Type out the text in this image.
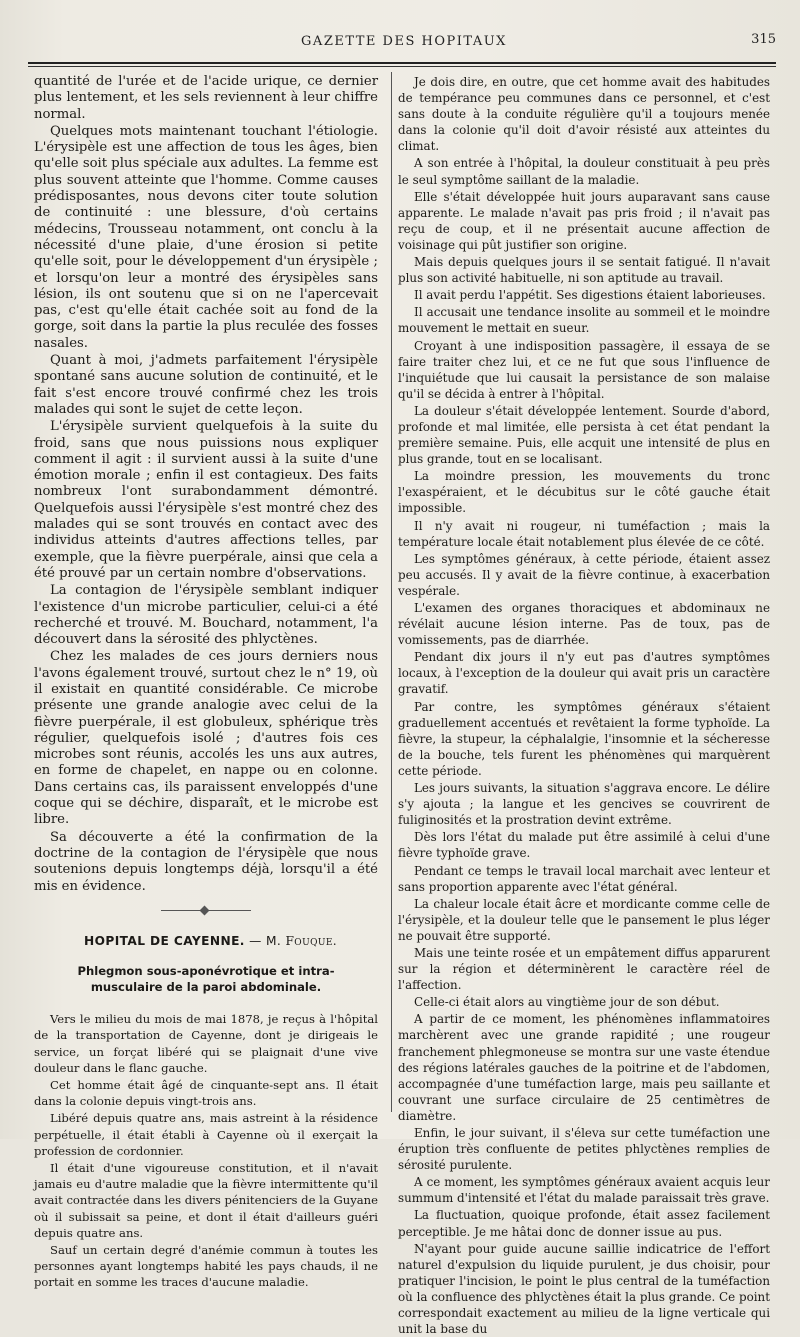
GAZETTE DES HOPITAUX	315

quantité de l'urée et de l'acide urique, ce dernier plus lentement, et les sels reviennent à leur chiffre normal.

Quelques mots maintenant touchant l'étiologie. L'érysipèle est une affection de tous les âges, bien qu'elle soit plus spéciale aux adultes. La femme est plus souvent atteinte que l'homme. Comme causes prédisposantes, nous devons citer toute solution de continuité : une blessure, d'où certains médecins, Trousseau notamment, ont conclu à la nécessité d'une plaie, d'une érosion si petite qu'elle soit, pour le développement d'un érysipèle ; et lorsqu'on leur a montré des érysipèles sans lésion, ils ont soutenu que si on ne l'apercevait pas, c'est qu'elle était cachée soit au fond de la gorge, soit dans la partie la plus reculée des fosses nasales.

Quant à moi, j'admets parfaitement l'érysipèle spontané sans aucune solution de continuité, et le fait s'est encore trouvé confirmé chez les trois malades qui sont le sujet de cette leçon.

L'érysipèle survient quelquefois à la suite du froid, sans que nous puissions nous expliquer comment il agit : il survient aussi à la suite d'une émotion morale ; enfin il est contagieux. Des faits nombreux l'ont surabondamment démontré. Quelquefois aussi l'érysipèle s'est montré chez des malades qui se sont trouvés en contact avec des individus atteints d'autres affections telles, par exemple, que la fièvre puerpérale, ainsi que cela a été prouvé par un certain nombre d'observations.

La contagion de l'érysipèle semblant indiquer l'existence d'un microbe particulier, celui-ci a été recherché et trouvé. M. Bouchard, notamment, l'a découvert dans la sérosité des phlyctènes.

Chez les malades de ces jours derniers nous l'avons également trouvé, surtout chez le n° 19, où il existait en quantité considérable. Ce microbe présente une grande analogie avec celui de la fièvre puerpérale, il est globuleux, sphérique très régulier, quelquefois isolé ; d'autres fois ces microbes sont réunis, accolés les uns aux autres, en forme de chapelet, en nappe ou en colonne. Dans certains cas, ils paraissent enveloppés d'une coque qui se déchire, disparaît, et le microbe est libre.

Sa découverte a été la confirmation de la doctrine de la contagion de l'érysipèle que nous soutenions depuis longtemps déjà, lorsqu'il a été mis en évidence.

HOPITAL DE CAYENNE. — M. Fouque.
Phlegmon sous-aponévrotique et intra-musculaire de la paroi abdominale.

Vers le milieu du mois de mai 1878, je reçus à l'hôpital de la transportation de Cayenne, dont je dirigeais le service, un forçat libéré qui se plaignait d'une vive douleur dans le flanc gauche.

Cet homme était âgé de cinquante-sept ans. Il était dans la colonie depuis vingt-trois ans.

Libéré depuis quatre ans, mais astreint à la résidence perpétuelle, il était établi à Cayenne où il exerçait la profession de cordonnier.

Il était d'une vigoureuse constitution, et il n'avait jamais eu d'autre maladie que la fièvre intermittente qu'il avait contractée dans les divers pénitenciers de la Guyane où il subissait sa peine, et dont il était d'ailleurs guéri depuis quatre ans.

Sauf un certain degré d'anémie commun à toutes les personnes ayant longtemps habité les pays chauds, il ne portait en somme les traces d'aucune maladie.

Je dois dire, en outre, que cet homme avait des habitudes de tempérance peu communes dans ce personnel, et c'est sans doute à la conduite régulière qu'il a toujours menée dans la colonie qu'il doit d'avoir résisté aux atteintes du climat.

A son entrée à l'hôpital, la douleur constituait à peu près le seul symptôme saillant de la maladie.

Elle s'était développée huit jours auparavant sans cause apparente. Le malade n'avait pas pris froid ; il n'avait pas reçu de coup, et il ne présentait aucune affection de voisinage qui pût justifier son origine.

Mais depuis quelques jours il se sentait fatigué. Il n'avait plus son activité habituelle, ni son aptitude au travail.

Il avait perdu l'appétit. Ses digestions étaient laborieuses.

Il accusait une tendance insolite au sommeil et le moindre mouvement le mettait en sueur.

Croyant à une indisposition passagère, il essaya de se faire traiter chez lui, et ce ne fut que sous l'influence de l'inquiétude que lui causait la persistance de son malaise qu'il se décida à entrer à l'hôpital.

La douleur s'était développée lentement. Sourde d'abord, profonde et mal limitée, elle persista à cet état pendant la première semaine. Puis, elle acquit une intensité de plus en plus grande, tout en se localisant.

La moindre pression, les mouvements du tronc l'exaspéraient, et le décubitus sur le côté gauche était impossible.

Il n'y avait ni rougeur, ni tuméfaction ; mais la température locale était notablement plus élevée de ce côté.

Les symptômes généraux, à cette période, étaient assez peu accusés. Il y avait de la fièvre continue, à exacerbation vespérale.

L'examen des organes thoraciques et abdominaux ne révélait aucune lésion interne. Pas de toux, pas de vomissements, pas de diarrhée.

Pendant dix jours il n'y eut pas d'autres symptômes locaux, à l'exception de la douleur qui avait pris un caractère gravatif.

Par contre, les symptômes généraux s'étaient graduellement accentués et revêtaient la forme typhoïde. La fièvre, la stupeur, la céphalalgie, l'insomnie et la sécheresse de la bouche, tels furent les phénomènes qui marquèrent cette période.

Les jours suivants, la situation s'aggrava encore. Le délire s'y ajouta ; la langue et les gencives se couvrirent de fuliginosités et la prostration devint extrême.

Dès lors l'état du malade put être assimilé à celui d'une fièvre typhoïde grave.

Pendant ce temps le travail local marchait avec lenteur et sans proportion apparente avec l'état général.

La chaleur locale était âcre et mordicante comme celle de l'érysipèle, et la douleur telle que le pansement le plus léger ne pouvait être supporté.

Mais une teinte rosée et un empâtement diffus apparurent sur la région et déterminèrent le caractère réel de l'affection.

Celle-ci était alors au vingtième jour de son début.

A partir de ce moment, les phénomènes inflammatoires marchèrent avec une grande rapidité ; une rougeur franchement phlegmoneuse se montra sur une vaste étendue des régions latérales gauches de la poitrine et de l'abdomen, accompagnée d'une tuméfaction large, mais peu saillante et couvrant une surface circulaire de 25 centimètres de diamètre.

Enfin, le jour suivant, il s'éleva sur cette tuméfaction une éruption très confluente de petites phlyctènes remplies de sérosité purulente.

A ce moment, les symptômes généraux avaient acquis leur summum d'intensité et l'état du malade paraissait très grave.

La fluctuation, quoique profonde, était assez facilement perceptible. Je me hâtai donc de donner issue au pus.

N'ayant pour guide aucune saillie indicatrice de l'effort naturel d'expulsion du liquide purulent, je dus choisir, pour pratiquer l'incision, le point le plus central de la tuméfaction où la confluence des phlyctènes était la plus grande. Ce point correspondait exactement au milieu de la ligne verticale qui unit la base du
